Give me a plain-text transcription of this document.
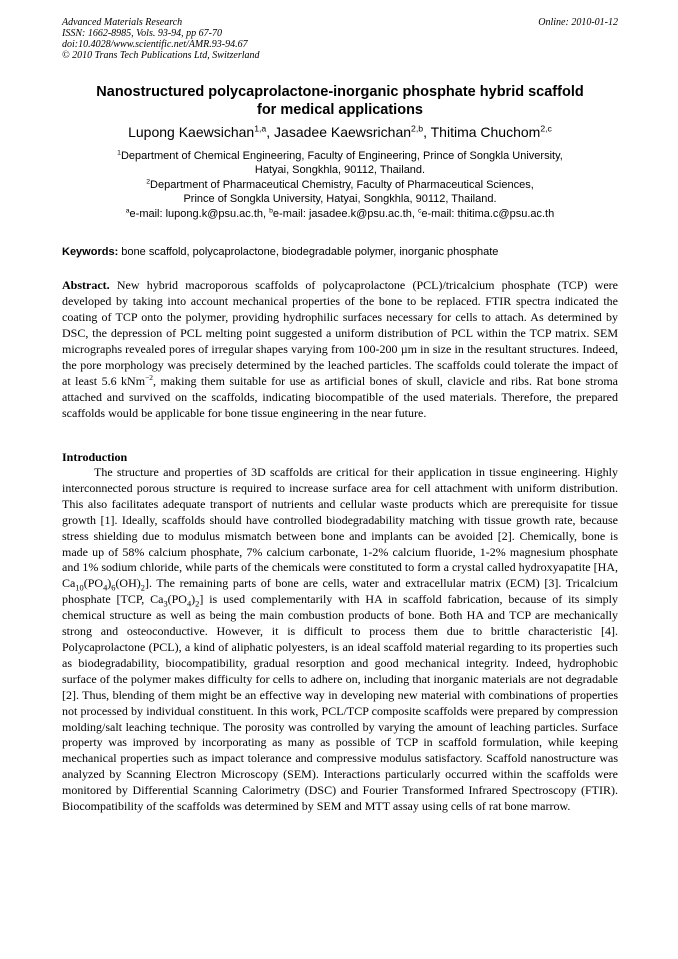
Advanced Materials Research
ISSN: 1662-8985, Vols. 93-94, pp 67-70
doi:10.4028/www.scientific.net/AMR.93-94.67
© 2010 Trans Tech Publications Ltd, Switzerland
Online: 2010-01-12
Nanostructured polycaprolactone-inorganic phosphate hybrid scaffold
for medical applications
Lupong Kaewsichan$^{1,a}$, Jasadee Kaewsrichan$^{2,b}$, Thitima Chuchom$^{2,c}$
$^1$Department of Chemical Engineering, Faculty of Engineering, Prince of Songkla University,
Hatyai, Songkhla, 90112, Thailand.
$^2$Department of Pharmaceutical Chemistry, Faculty of Pharmaceutical Sciences,
Prince of Songkla University, Hatyai, Songkhla, 90112, Thailand.
$^a$e-mail: lupong.k@psu.ac.th, $^b$e-mail: jasadee.k@psu.ac.th, $^c$e-mail: thitima.c@psu.ac.th
Keywords: bone scaffold, polycaprolactone, biodegradable polymer, inorganic phosphate
Abstract. New hybrid macroporous scaffolds of polycaprolactone (PCL)/tricalcium phosphate (TCP) were developed by taking into account mechanical properties of the bone to be replaced. FTIR spectra indicated the coating of TCP onto the polymer, providing hydrophilic surfaces necessary for cells to attach. As determined by DSC, the depression of PCL melting point suggested a uniform distribution of PCL within the TCP matrix. SEM micrographs revealed pores of irregular shapes varying from 100-200 µm in size in the resultant structures. Indeed, the pore morphology was precisely determined by the leached particles. The scaffolds could tolerate the impact of at least 5.6 kNm$^{-2}$, making them suitable for use as artificial bones of skull, clavicle and ribs. Rat bone stroma attached and survived on the scaffolds, indicating biocompatible of the used materials. Therefore, the prepared scaffolds would be applicable for bone tissue engineering in the near future.
Introduction
The structure and properties of 3D scaffolds are critical for their application in tissue engineering. Highly interconnected porous structure is required to increase surface area for cell attachment with uniform distribution. This also facilitates adequate transport of nutrients and cellular waste products which are prerequisite for tissue growth [1]. Ideally, scaffolds should have controlled biodegradability matching with tissue growth rate, because stress shielding due to modulus mismatch between bone and implants can be avoided [2]. Chemically, bone is made up of 58% calcium phosphate, 7% calcium carbonate, 1-2% calcium fluoride, 1-2% magnesium phosphate and 1% sodium chloride, while parts of the chemicals were constituted to form a crystal called hydroxyapatite [HA, $Ca_{10}(PO_4)_6(OH)_2$]. The remaining parts of bone are cells, water and extracellular matrix (ECM) [3]. Tricalcium phosphate [TCP, $Ca_3(PO_4)_2$] is used complementarily with HA in scaffold fabrication, because of its simply chemical structure as well as being the main combustion products of bone. Both HA and TCP are mechanically strong and osteoconductive. However, it is difficult to process them due to brittle characteristic [4]. Polycaprolactone (PCL), a kind of aliphatic polyesters, is an ideal scaffold material regarding to its properties such as biodegradability, biocompatibility, gradual resorption and good mechanical integrity. Indeed, hydrophobic surface of the polymer makes difficulty for cells to adhere on, including that inorganic materials are not degradable [2]. Thus, blending of them might be an effective way in developing new material with combinations of properties not processed by individual constituent. In this work, PCL/TCP composite scaffolds were prepared by compression molding/salt leaching technique. The porosity was controlled by varying the amount of leaching particles. Surface property was improved by incorporating as many as possible of TCP in scaffold formulation, while keeping mechanical properties such as impact tolerance and compressive modulus satisfactory. Scaffold nanostructure was analyzed by Scanning Electron Microscopy (SEM). Interactions particularly occurred within the scaffolds were monitored by Differential Scanning Calorimetry (DSC) and Fourier Transformed Infrared Spectroscopy (FTIR). Biocompatibility of the scaffolds was determined by SEM and MTT assay using cells of rat bone marrow.
